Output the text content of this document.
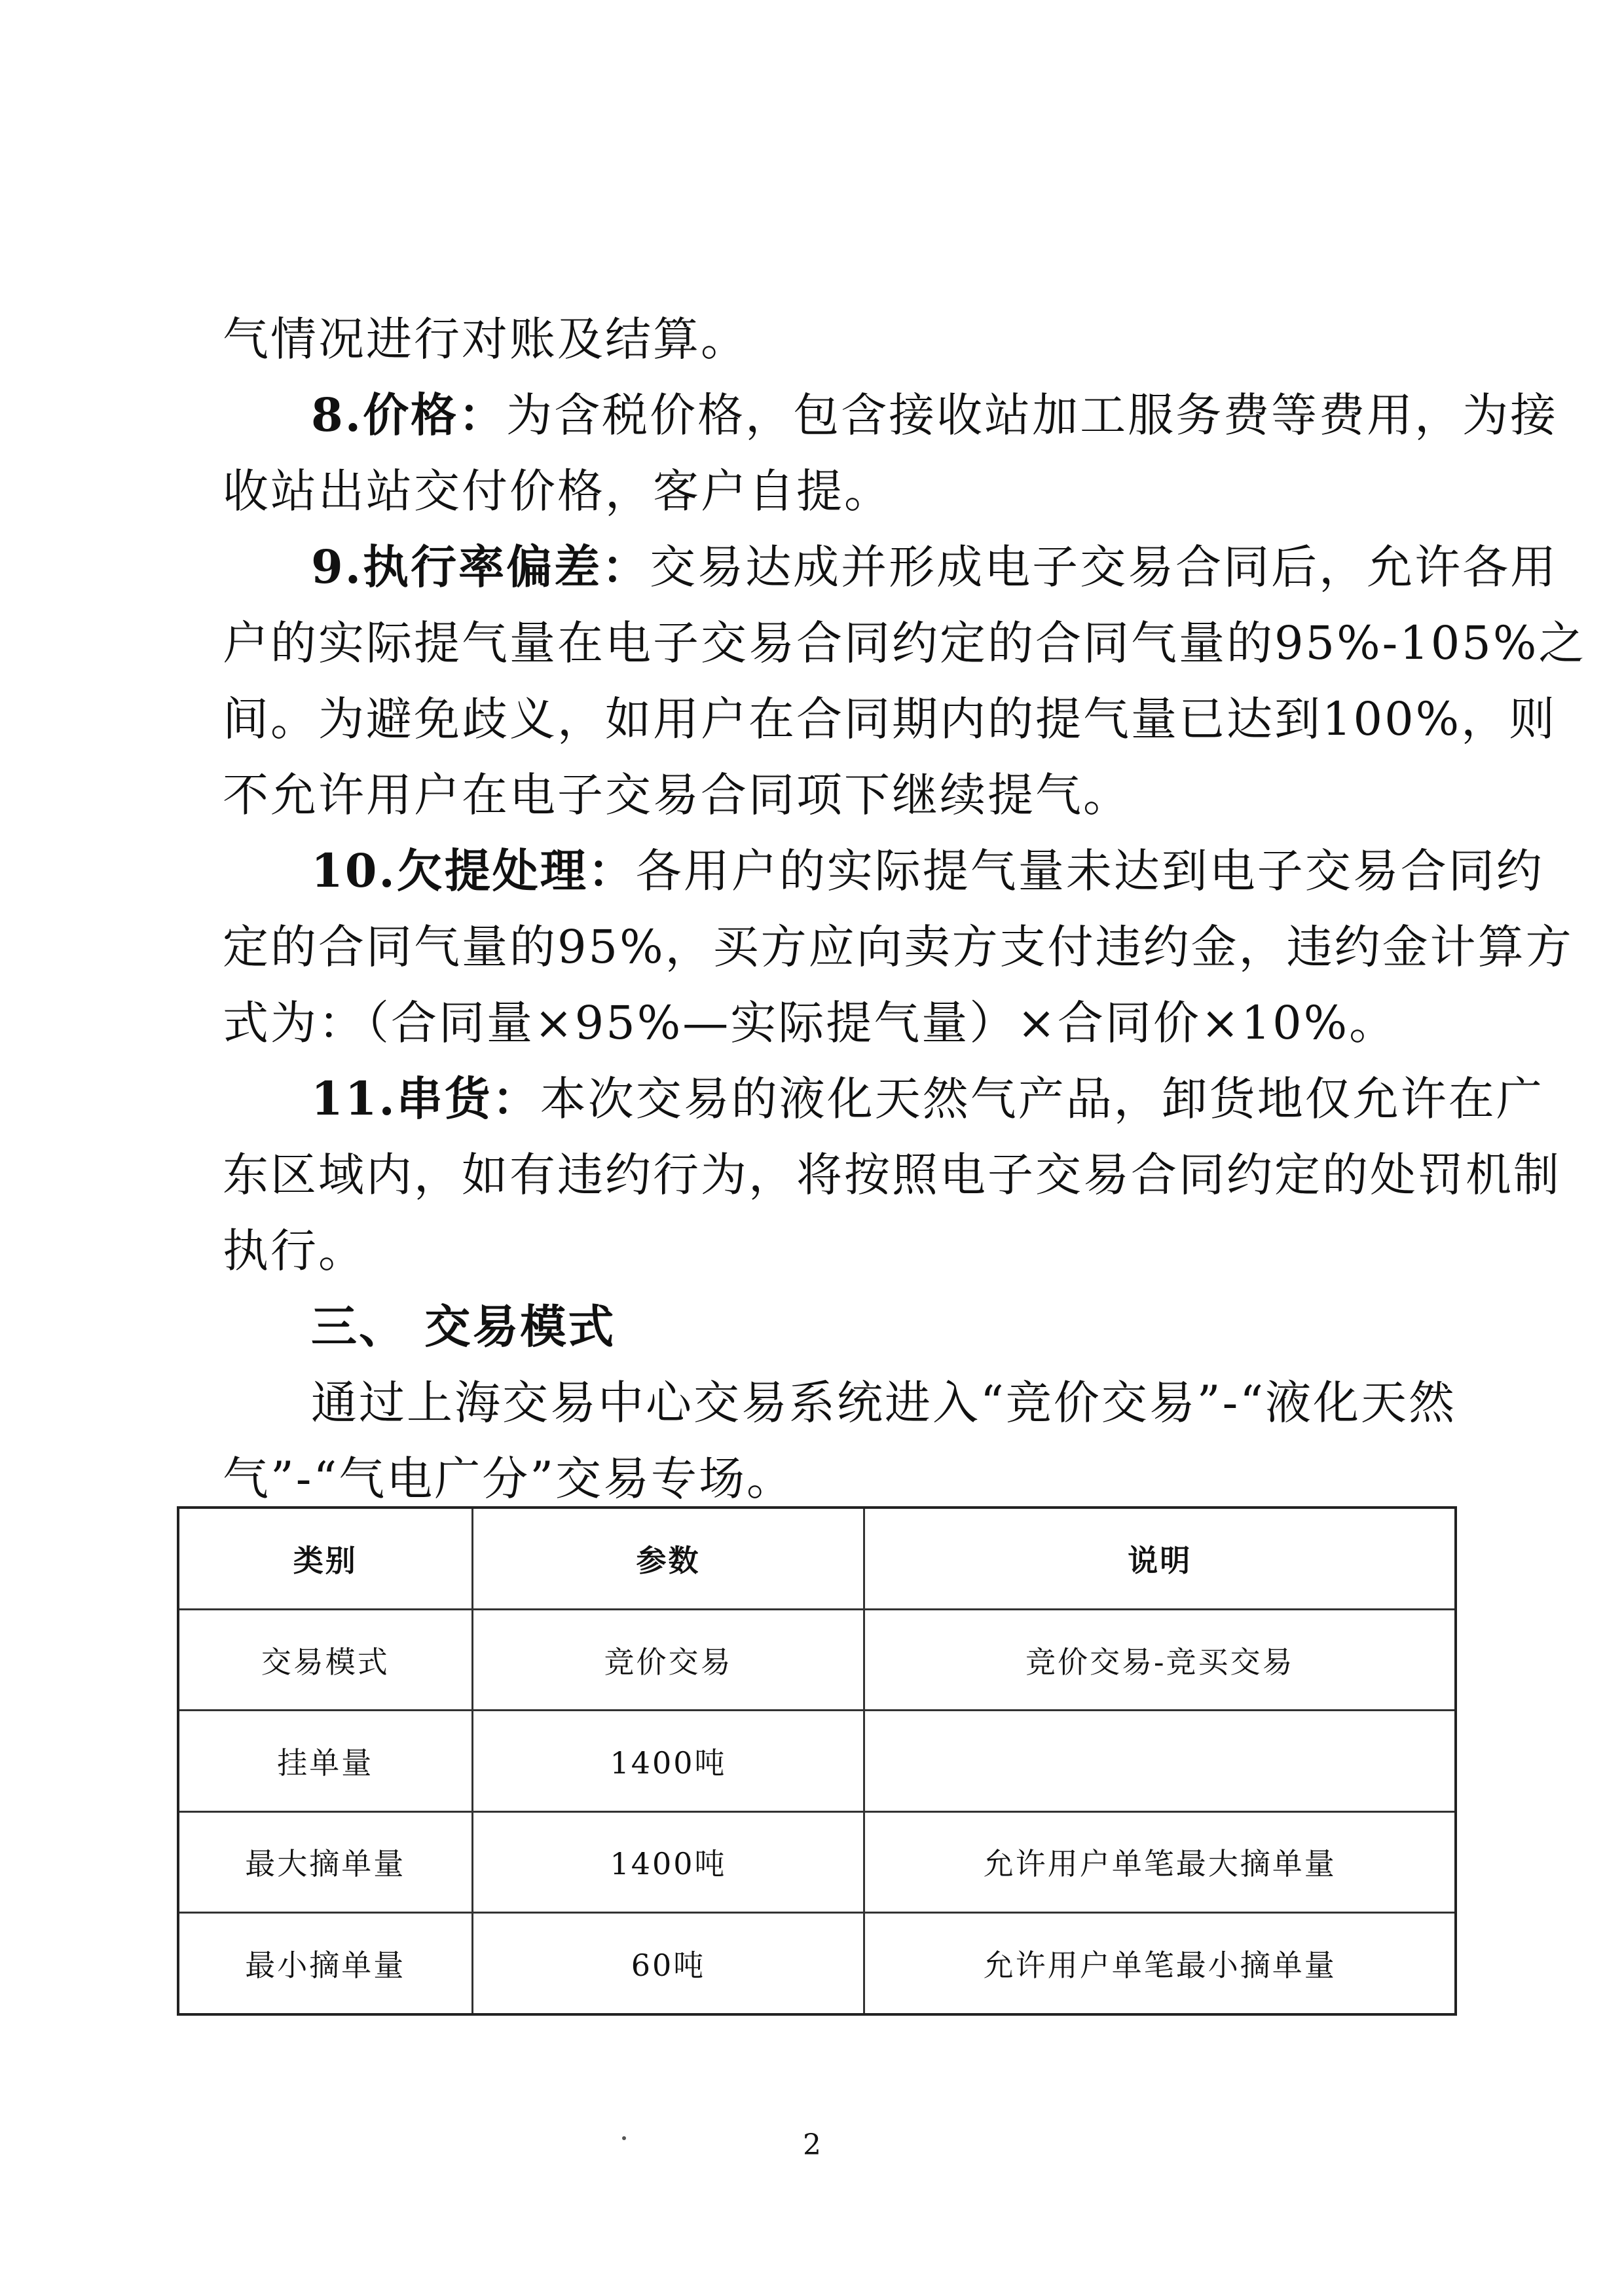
气情况进行对账及结算。
8.价格：为含税价格，包含接收站加工服务费等费用，为接
收站出站交付价格，客户自提。
9.执行率偏差：交易达成并形成电子交易合同后，允许各用
户的实际提气量在电子交易合同约定的合同气量的95%-105%之
间。为避免歧义，如用户在合同期内的提气量已达到100%，则
不允许用户在电子交易合同项下继续提气。
10.欠提处理：各用户的实际提气量未达到电子交易合同约
定的合同气量的95%，买方应向卖方支付违约金，违约金计算方
式为：（合同量×95%—实际提气量）×合同价×10%。
11.串货：本次交易的液化天然气产品，卸货地仅允许在广
东区域内，如有违约行为，将按照电子交易合同约定的处罚机制
执行。
三、 交易模式
通过上海交易中心交易系统进入“竞价交易”-“液化天然
气”-“气电广分”交易专场。
类别	参数	说明
交易模式	竞价交易	竞价交易-竞买交易
挂单量	1400吨	
最大摘单量	1400吨	允许用户单笔最大摘单量
最小摘单量	60吨	允许用户单笔最小摘单量
2
